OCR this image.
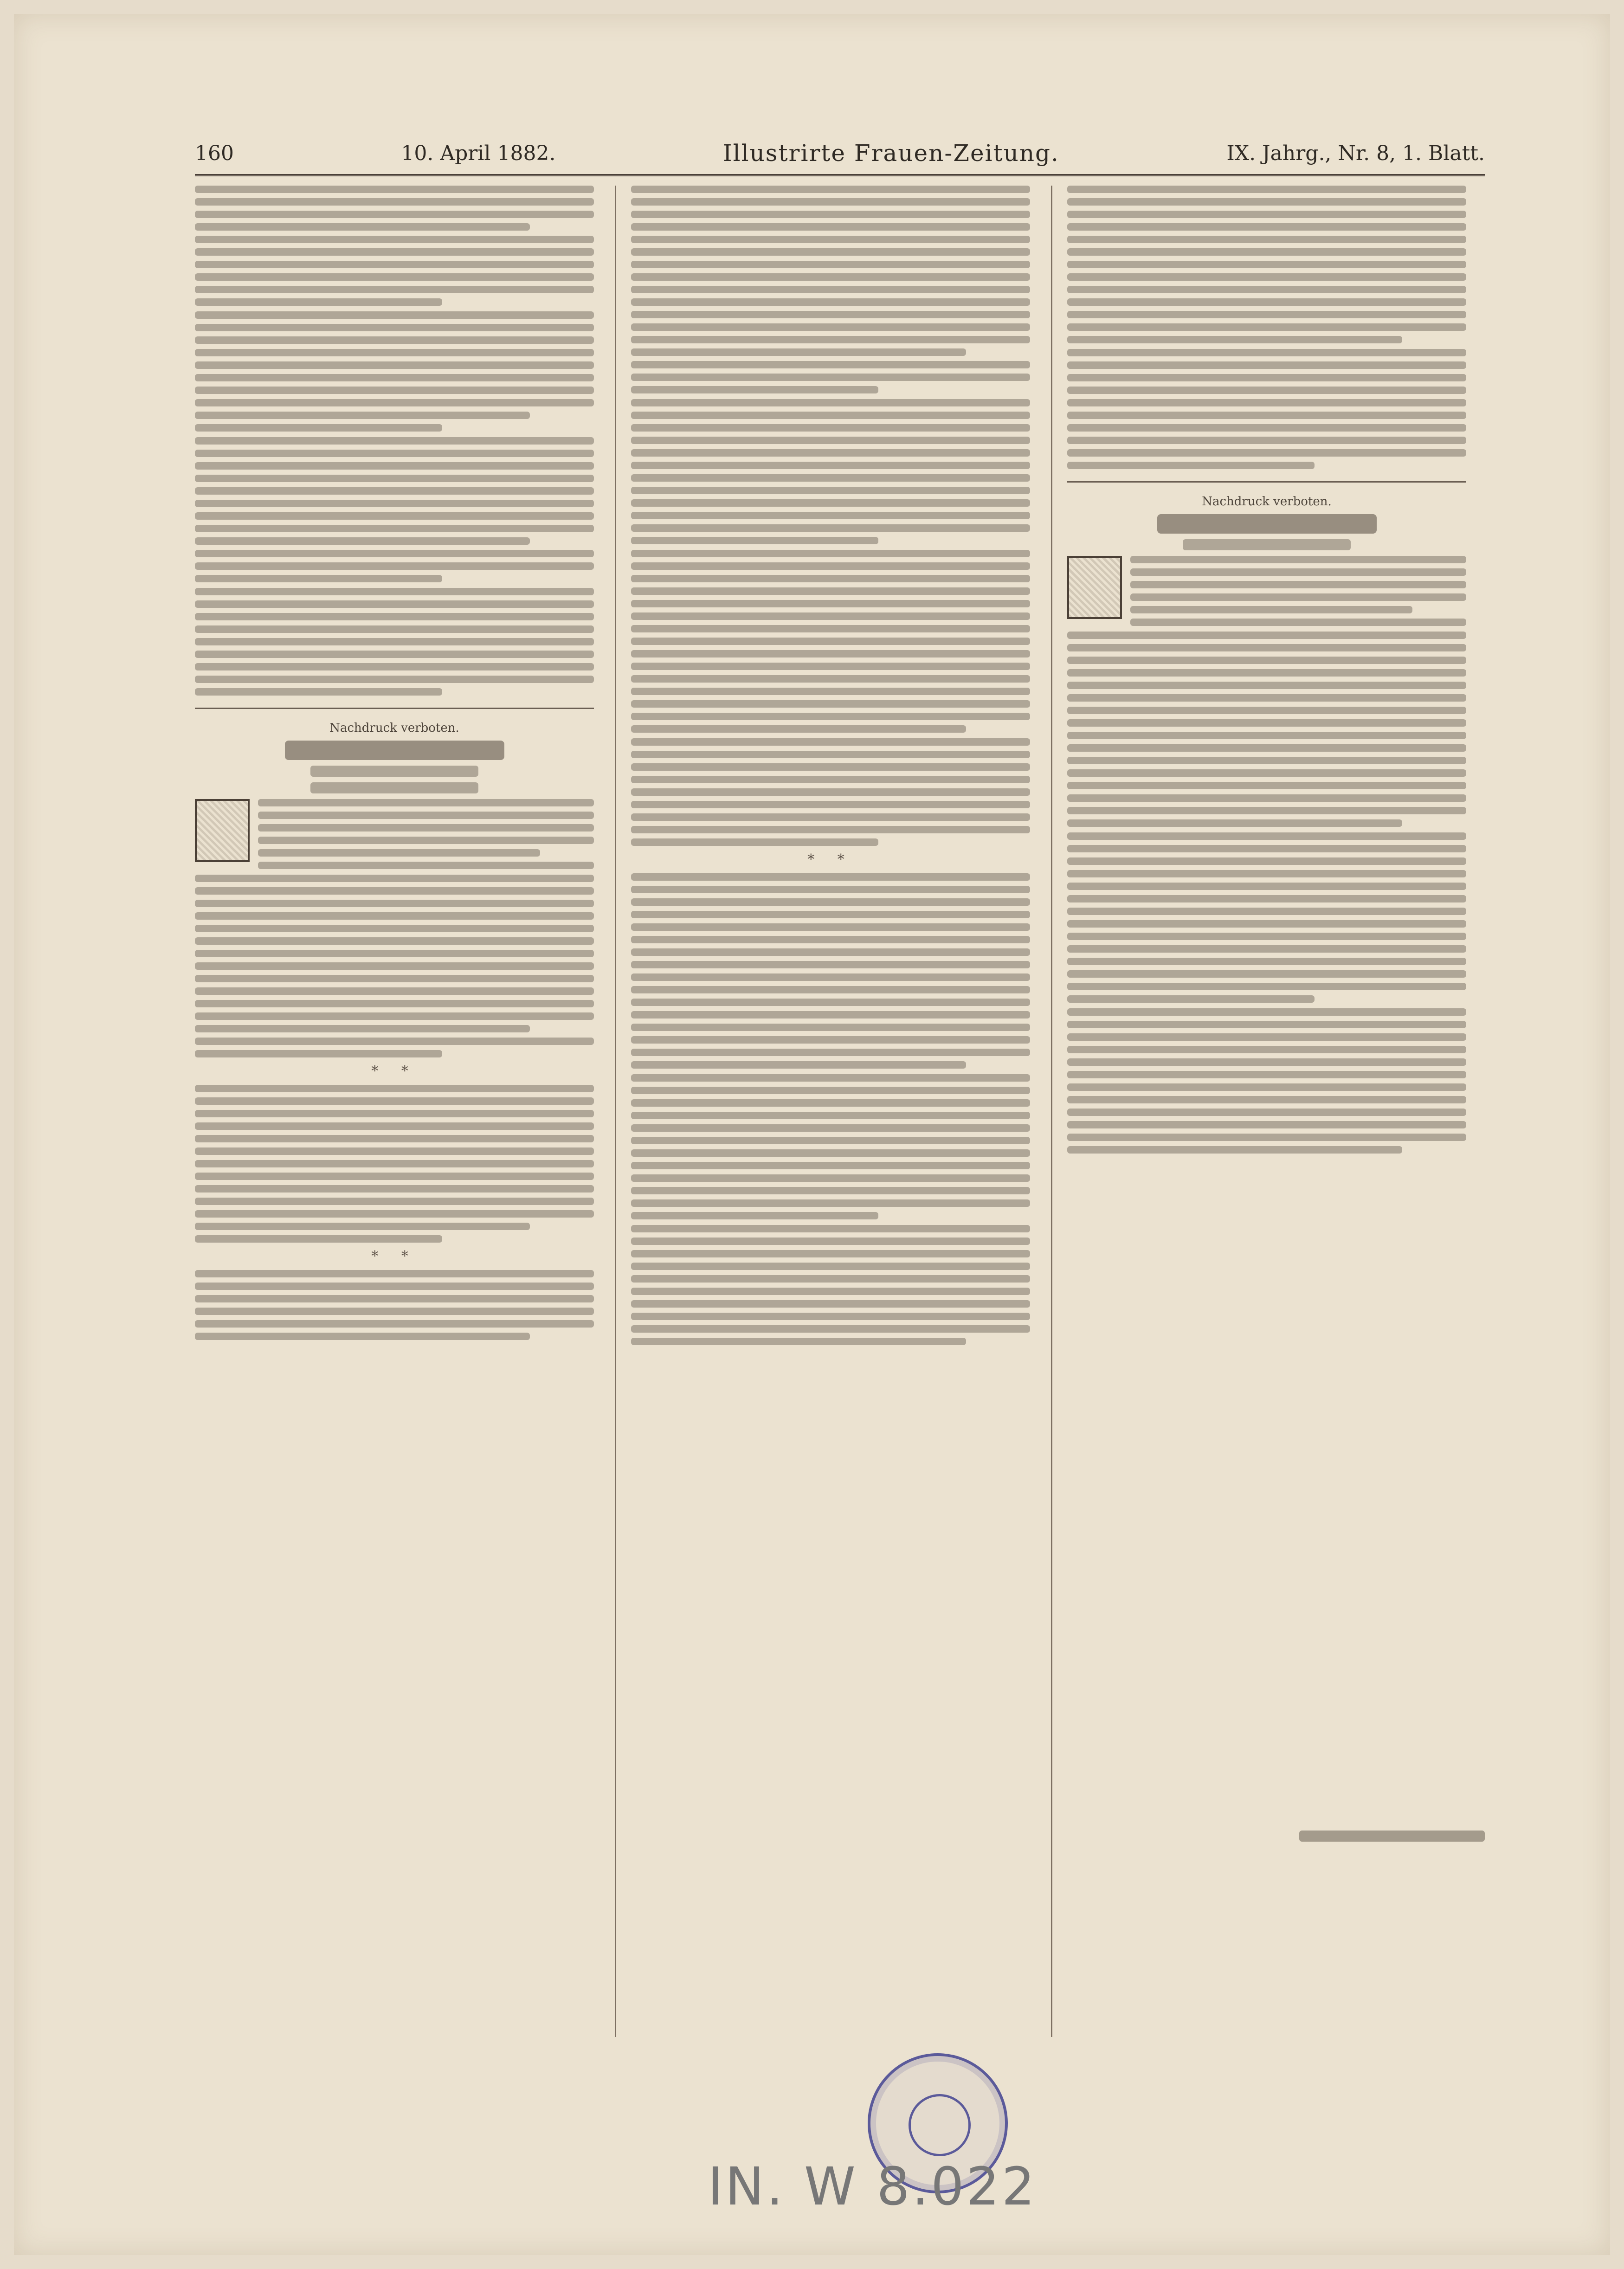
160	10. April 1882.	Illustrirte Frauen-Zeitung.	IX. Jahrg., Nr. 8, 1. Blatt.
Nachdruck verboten.
* *
* *
* *
Nachdruck verboten.
IN. W 8.022
